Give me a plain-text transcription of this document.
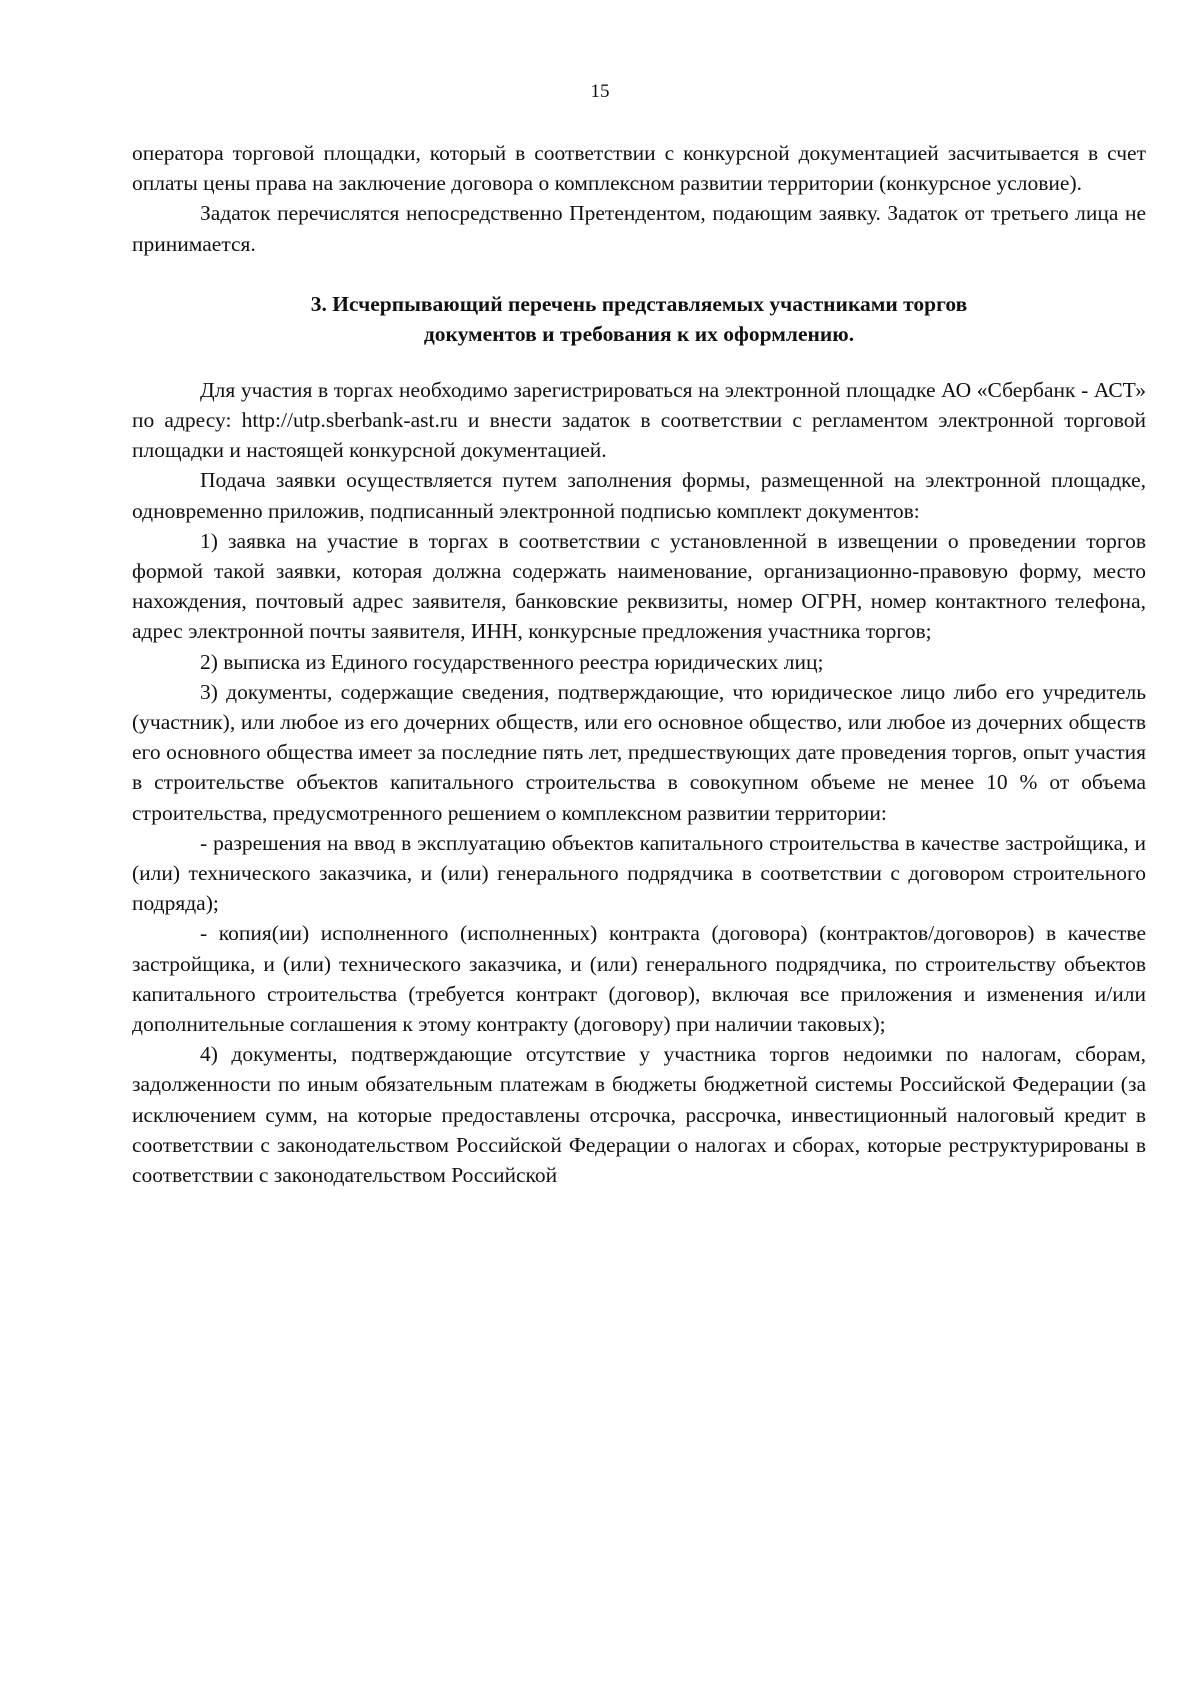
15

оператора торговой площадки, который в соответствии с конкурсной документацией засчитывается в счет оплаты цены права на заключение договора о комплексном развитии территории (конкурсное условие).

Задаток перечислятся непосредственно Претендентом, подающим заявку. Задаток от третьего лица не принимается.

3. Исчерпывающий перечень представляемых участниками торгов
документов и требования к их оформлению.

Для участия в торгах необходимо зарегистрироваться на электронной площадке АО «Сбербанк - АСТ» по адресу: http://utp.sberbank-ast.ru и внести задаток в соответствии с регламентом электронной торговой площадки и настоящей конкурсной документацией.

Подача заявки осуществляется путем заполнения формы, размещенной на электронной площадке, одновременно приложив, подписанный электронной подписью комплект документов:

1) заявка на участие в торгах в соответствии с установленной в извещении о проведении торгов формой такой заявки, которая должна содержать наименование, организационно-правовую форму, место нахождения, почтовый адрес заявителя, банковские реквизиты, номер ОГРН, номер контактного телефона, адрес электронной почты заявителя, ИНН, конкурсные предложения участника торгов;

2) выписка из Единого государственного реестра юридических лиц;

3) документы, содержащие сведения, подтверждающие, что юридическое лицо либо его учредитель (участник), или любое из его дочерних обществ, или его основное общество, или любое из дочерних обществ его основного общества имеет за последние пять лет, предшествующих дате проведения торгов, опыт участия в строительстве объектов капитального строительства в совокупном объеме не менее 10 % от объема строительства, предусмотренного решением о комплексном развитии территории:

- разрешения на ввод в эксплуатацию объектов капитального строительства в качестве застройщика, и (или) технического заказчика, и (или) генерального подрядчика в соответствии с договором строительного подряда);

- копия(ии) исполненного (исполненных) контракта (договора) (контрактов/договоров) в качестве застройщика, и (или) технического заказчика, и (или) генерального подрядчика, по строительству объектов капитального строительства (требуется контракт (договор), включая все приложения и изменения и/или дополнительные соглашения к этому контракту (договору) при наличии таковых);

4) документы, подтверждающие отсутствие у участника торгов недоимки по налогам, сборам, задолженности по иным обязательным платежам в бюджеты бюджетной системы Российской Федерации (за исключением сумм, на которые предоставлены отсрочка, рассрочка, инвестиционный налоговый кредит в соответствии с законодательством Российской Федерации о налогах и сборах, которые реструктурированы в соответствии с законодательством Российской
